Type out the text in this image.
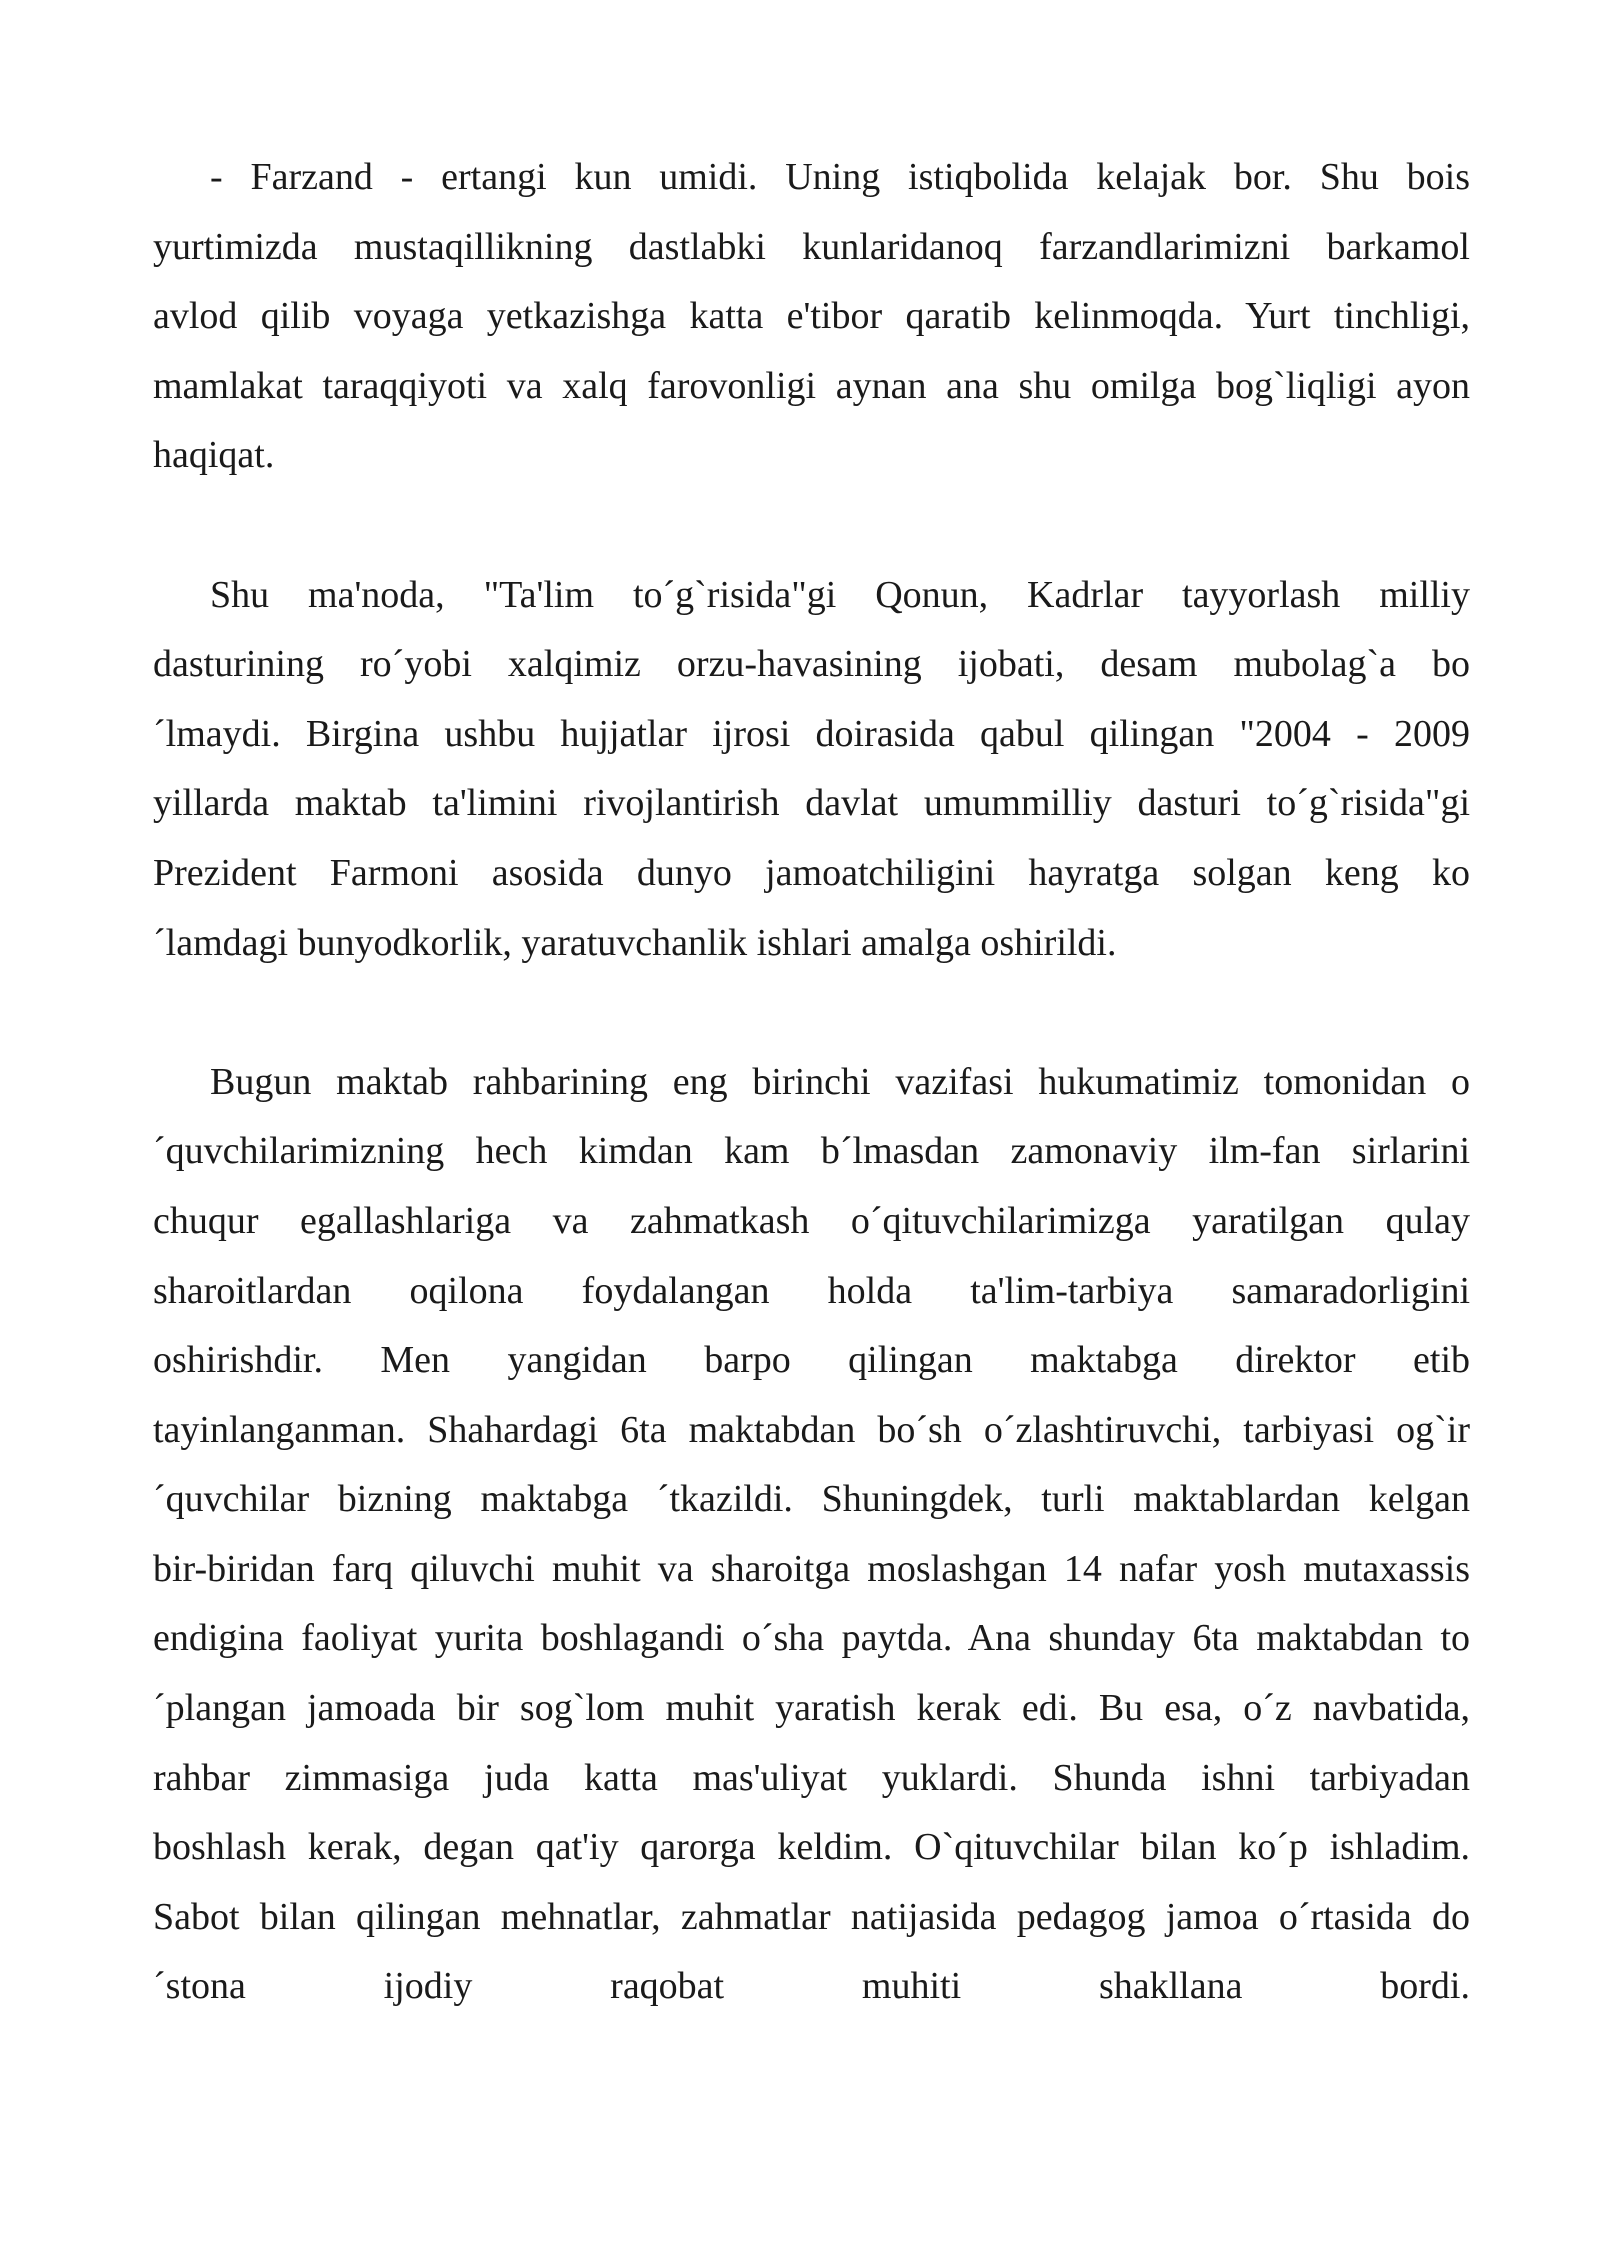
- Farzand - ertangi kun umidi. Uning istiqbolida kelajak bor. Shu bois
yurtimizda mustaqillikning dastlabki kunlaridanoq farzandlarimizni barkamol
avlod qilib voyaga yetkazishga katta e'tibor qaratib kelinmoqda. Yurt tinchligi,
mamlakat taraqqiyoti va xalq farovonligi aynan ana shu omilga bog`liqligi ayon
haqiqat.
Shu ma'noda, "Ta'lim to´g`risida"gi Qonun, Kadrlar tayyorlash milliy
dasturining ro´yobi xalqimiz orzu-havasining ijobati, desam mubolag`a bo
´lmaydi. Birgina ushbu hujjatlar ijrosi doirasida qabul qilingan "2004 - 2009
yillarda maktab ta'limini rivojlantirish davlat umummilliy dasturi to´g`risida"gi
Prezident Farmoni asosida dunyo jamoatchiligini hayratga solgan keng ko
´lamdagi bunyodkorlik, yaratuvchanlik ishlari amalga oshirildi.
Bugun maktab rahbarining eng birinchi vazifasi hukumatimiz tomonidan o
´quvchilarimizning hech kimdan kam b´lmasdan zamonaviy ilm-fan sirlarini
chuqur egallashlariga va zahmatkash o´qituvchilarimizga yaratilgan qulay
sharoitlardan oqilona foydalangan holda ta'lim-tarbiya samaradorligini
oshirishdir. Men yangidan barpo qilingan maktabga direktor etib
tayinlanganman. Shahardagi 6ta maktabdan bo´sh o´zlashtiruvchi, tarbiyasi og`ir
´quvchilar bizning maktabga ´tkazildi. Shuningdek, turli maktablardan kelgan
bir-biridan farq qiluvchi muhit va sharoitga moslashgan 14 nafar yosh mutaxassis
endigina faoliyat yurita boshlagandi o´sha paytda. Ana shunday 6ta maktabdan to
´plangan jamoada bir sog`lom muhit yaratish kerak edi. Bu esa, o´z navbatida,
rahbar zimmasiga juda katta mas'uliyat yuklardi. Shunda ishni tarbiyadan
boshlash kerak, degan qat'iy qarorga keldim. O`qituvchilar bilan ko´p ishladim.
Sabot bilan qilingan mehnatlar, zahmatlar natijasida pedagog jamoa o´rtasida do
´stona ijodiy raqobat muhiti shakllana bordi.
